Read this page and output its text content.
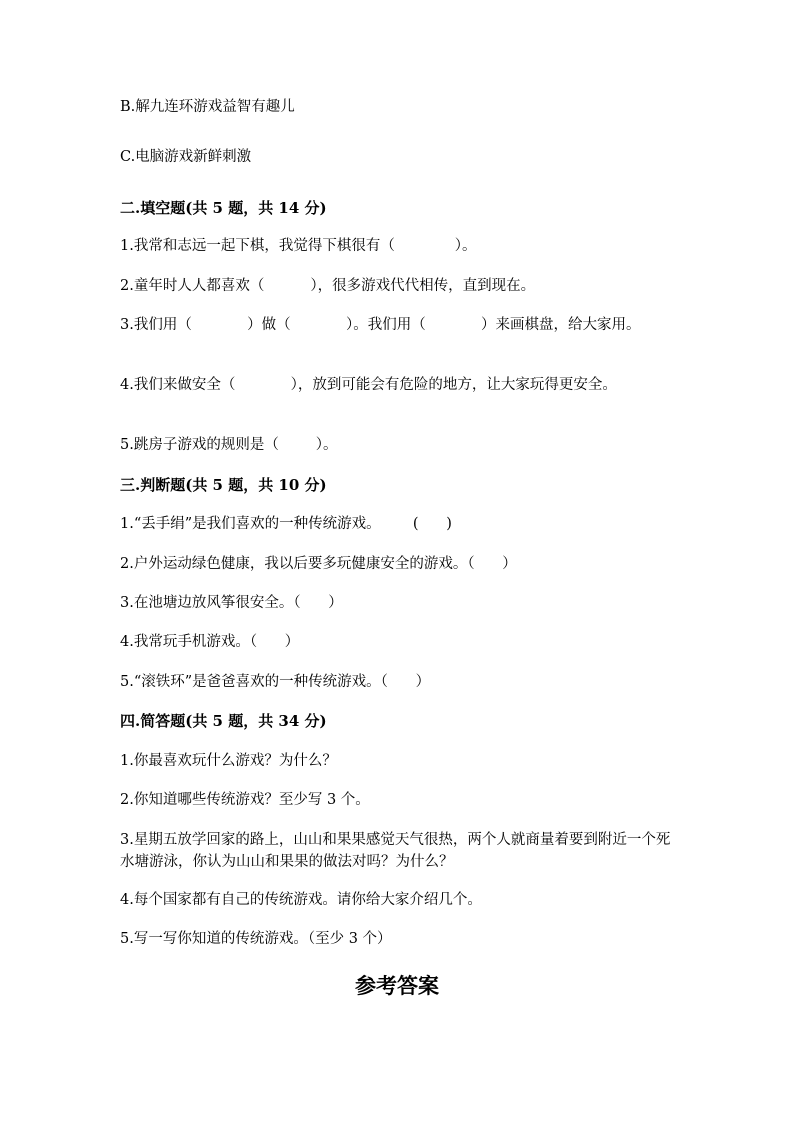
B.解九连环游戏益智有趣儿

C.电脑游戏新鲜刺激

二.填空题(共 5 题，共 14 分)

1.我常和志远一起下棋，我觉得下棋很有（             ）。

2.童年时人人都喜欢（          ），很多游戏代代相传，直到现在。

3.我们用（            ）做（            ）。我们用（            ）来画棋盘，给大家用。

4.我们来做安全（            ），放到可能会有危险的地方，让大家玩得更安全。

5.跳房子游戏的规则是（        ）。

三.判断题(共 5 题，共 10 分)

1.“丢手绢”是我们喜欢的一种传统游戏。       (      )

2.户外运动绿色健康，我以后要多玩健康安全的游戏。（      ）

3.在池塘边放风筝很安全。（      ）

4.我常玩手机游戏。（      ）

5.“滚铁环”是爸爸喜欢的一种传统游戏。（      ）

四.简答题(共 5 题，共 34 分)

1.你最喜欢玩什么游戏？为什么？

2.你知道哪些传统游戏？至少写 3 个。

3.星期五放学回家的路上，山山和果果感觉天气很热，两个人就商量着要到附近一个死水塘游泳，你认为山山和果果的做法对吗？为什么？

4.每个国家都有自己的传统游戏。请你给大家介绍几个。

5.写一写你知道的传统游戏。（至少 3 个）

参考答案
